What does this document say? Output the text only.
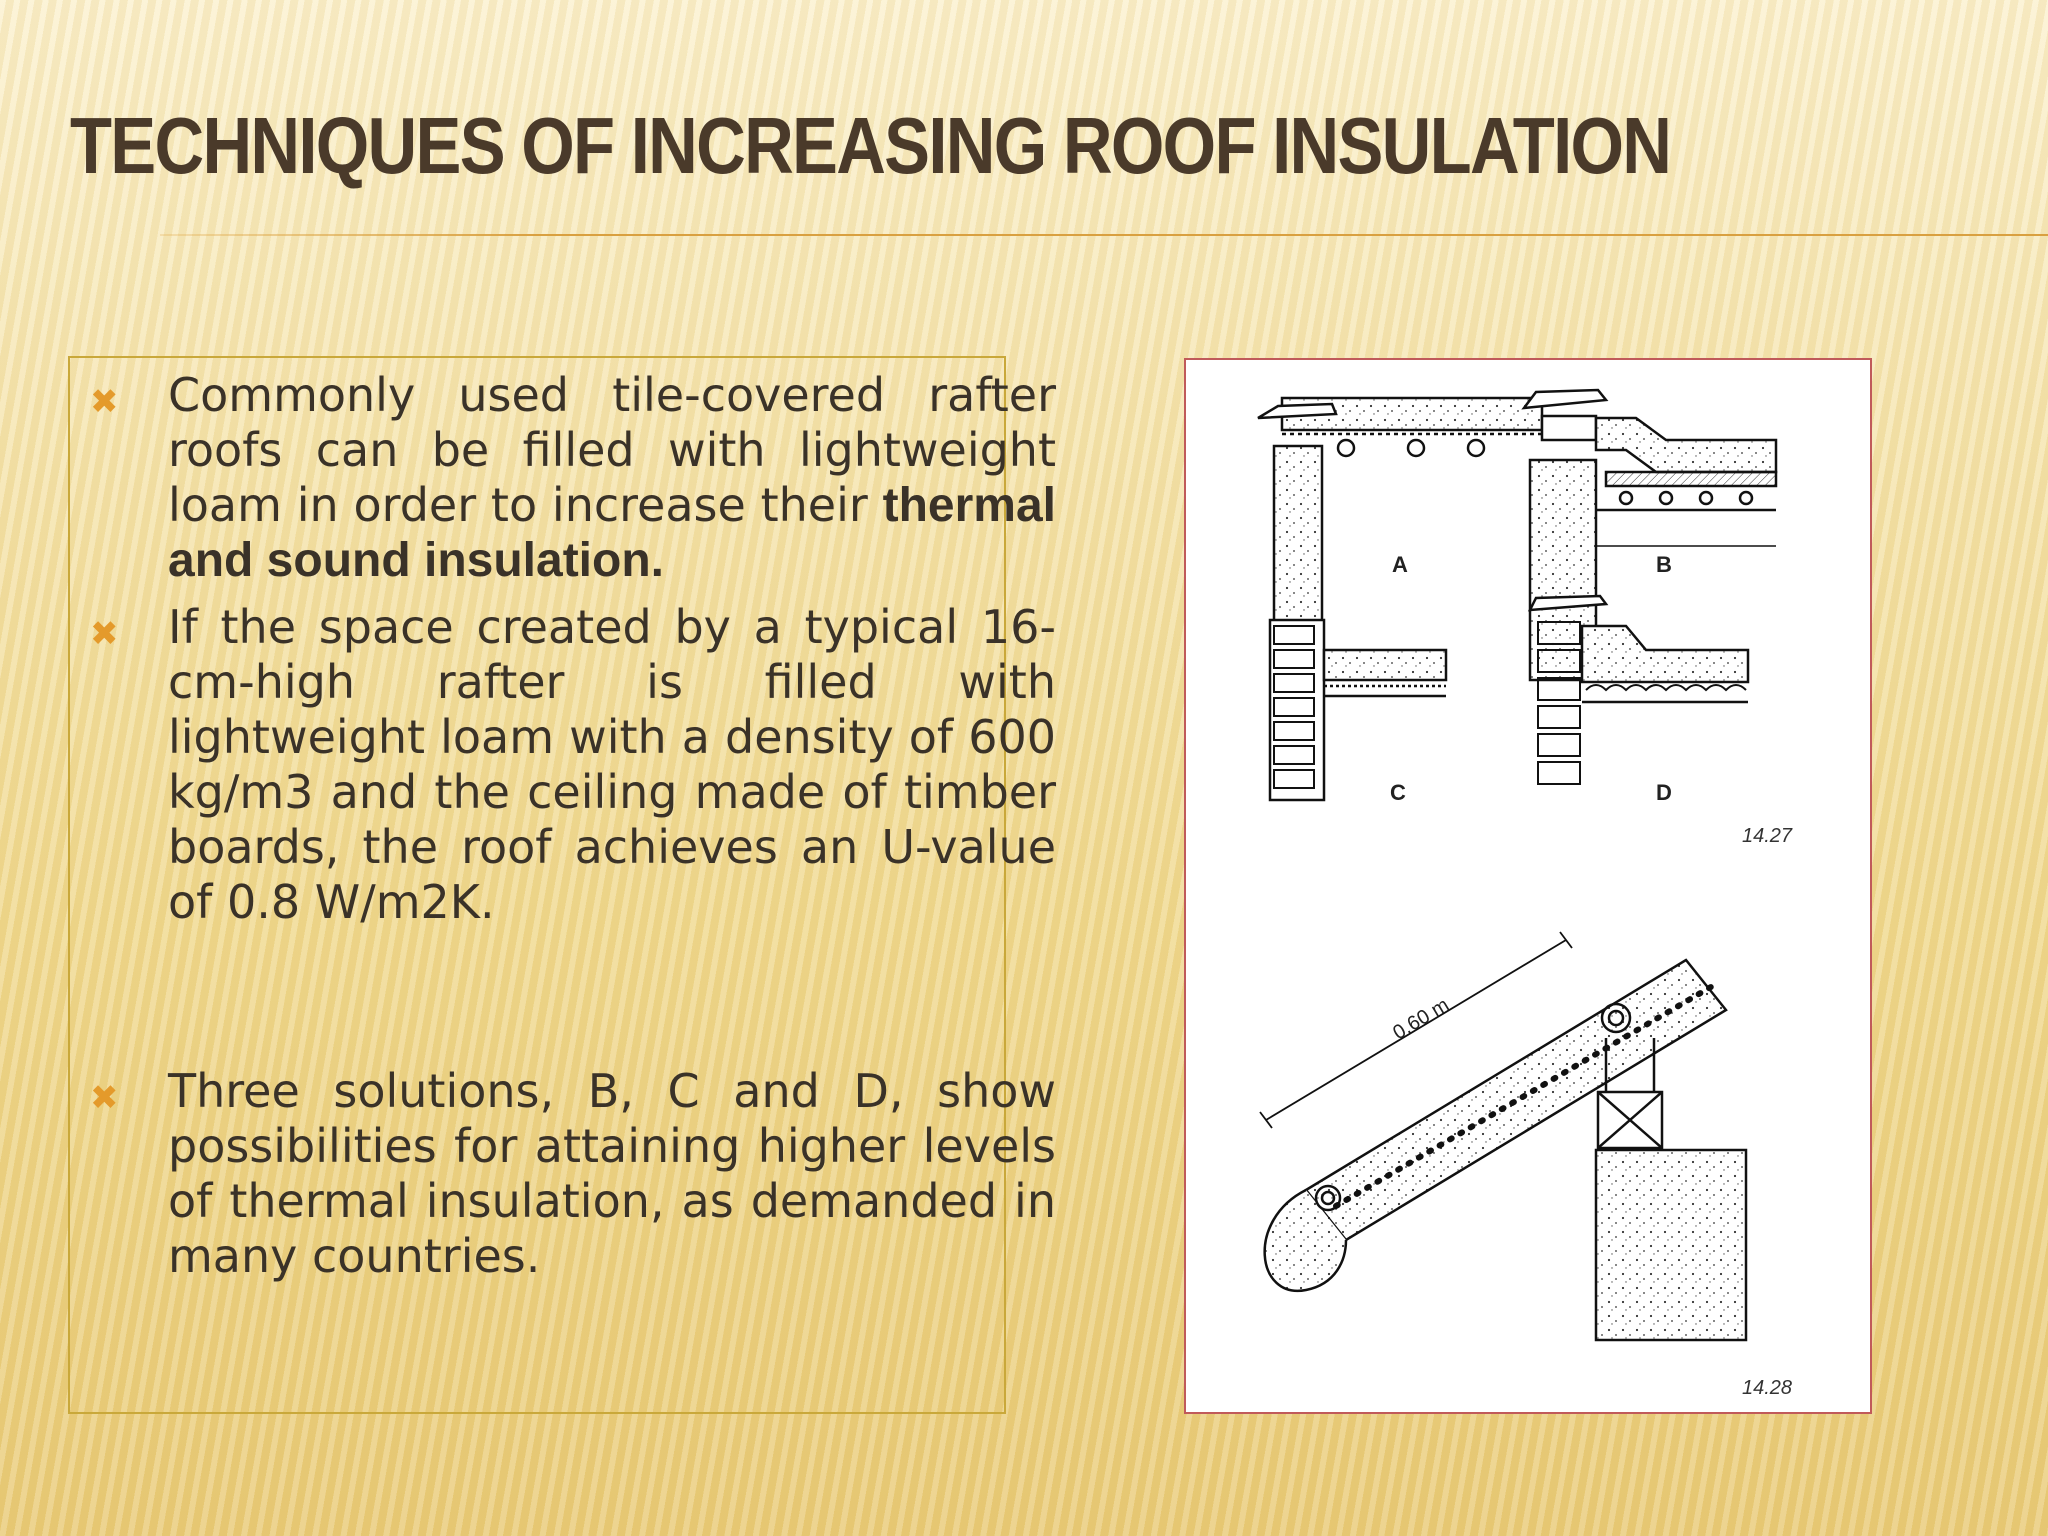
TECHNIQUES OF INCREASING ROOF INSULATION
✖ Commonly used tile-covered rafter roofs can be filled with lightweight loam in order to increase their thermal and sound insulation.

✖ If the space created by a typical 16-cm-high rafter is filled with lightweight loam with a density of 600 kg/m3 and the ceiling made of timber boards, the roof achieves an U-value of 0.8 W/m2K.

✖ Three solutions, B, C and D, show possibilities for attaining higher levels of thermal insulation, as demanded in many countries.

A	B
C	D
14.27
14.28
0.60 m
